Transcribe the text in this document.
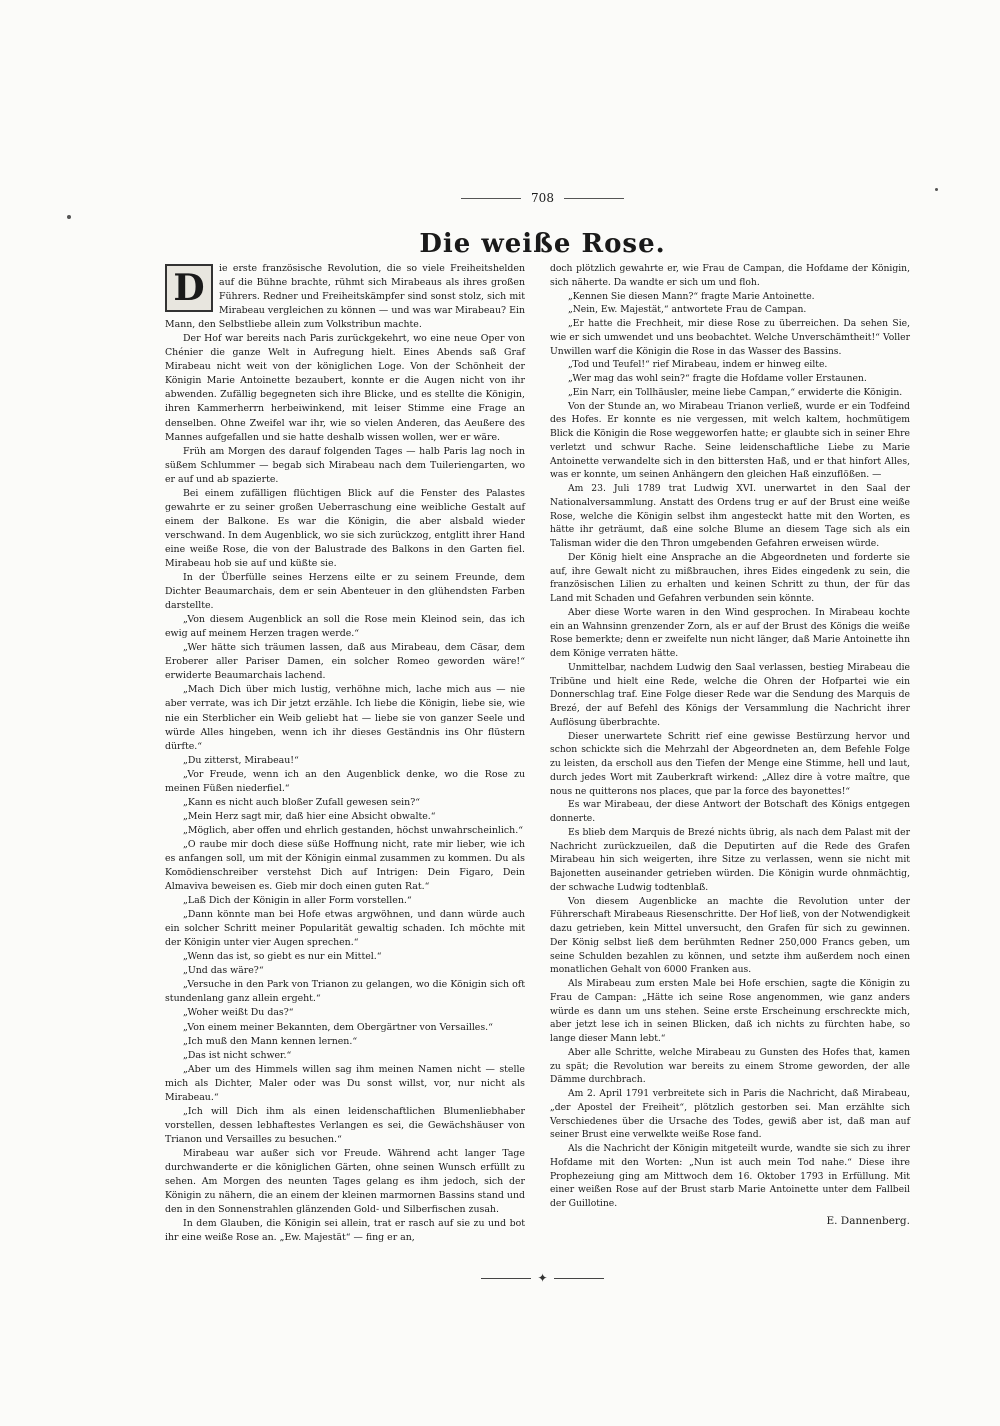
708
Die weiße Rose.

D	ie erste französische Revolution, die so viele Freiheitshelden auf die Bühne brachte, rühmt sich Mirabeaus als ihres großen Führers. Redner und Freiheitskämpfer sind sonst stolz, sich mit Mirabeau vergleichen zu können — und was war Mirabeau? Ein Mann, den Selbstliebe allein zum Volkstribun machte.

Der Hof war bereits nach Paris zurückgekehrt, wo eine neue Oper von Chénier die ganze Welt in Aufregung hielt. Eines Abends saß Graf Mirabeau nicht weit von der königlichen Loge. Von der Schönheit der Königin Marie Antoinette bezaubert, konnte er die Augen nicht von ihr abwenden. Zufällig begegneten sich ihre Blicke, und es stellte die Königin, ihren Kammerherrn herbeiwinkend, mit leiser Stimme eine Frage an denselben. Ohne Zweifel war ihr, wie so vielen Anderen, das Aeußere des Mannes aufgefallen und sie hatte deshalb wissen wollen, wer er wäre.

Früh am Morgen des darauf folgenden Tages — halb Paris lag noch in süßem Schlummer — begab sich Mirabeau nach dem Tuileriengarten, wo er auf und ab spazierte.

Bei einem zufälligen flüchtigen Blick auf die Fenster des Palastes gewahrte er zu seiner großen Ueberraschung eine weibliche Gestalt auf einem der Balkone. Es war die Königin, die aber alsbald wieder verschwand. In dem Augenblick, wo sie sich zurückzog, entglitt ihrer Hand eine weiße Rose, die von der Balustrade des Balkons in den Garten fiel. Mirabeau hob sie auf und küßte sie.

In der Überfülle seines Herzens eilte er zu seinem Freunde, dem Dichter Beaumarchais, dem er sein Abenteuer in den glühendsten Farben darstellte.

„Von diesem Augenblick an soll die Rose mein Kleinod sein, das ich ewig auf meinem Herzen tragen werde.“

„Wer hätte sich träumen lassen, daß aus Mirabeau, dem Cäsar, dem Eroberer aller Pariser Damen, ein solcher Romeo geworden wäre!“ erwiderte Beaumarchais lachend.

„Mach Dich über mich lustig, verhöhne mich, lache mich aus — nie aber verrate, was ich Dir jetzt erzähle. Ich liebe die Königin, liebe sie, wie nie ein Sterblicher ein Weib geliebt hat — liebe sie von ganzer Seele und würde Alles hingeben, wenn ich ihr dieses Geständnis ins Ohr flüstern dürfte.“

„Du zitterst, Mirabeau!“

„Vor Freude, wenn ich an den Augenblick denke, wo die Rose zu meinen Füßen niederfiel.“

„Kann es nicht auch bloßer Zufall gewesen sein?“

„Mein Herz sagt mir, daß hier eine Absicht obwalte.“

„Möglich, aber offen und ehrlich gestanden, höchst unwahrscheinlich.“

„O raube mir doch diese süße Hoffnung nicht, rate mir lieber, wie ich es anfangen soll, um mit der Königin einmal zusammen zu kommen. Du als Komödienschreiber verstehst Dich auf Intrigen: Dein Figaro, Dein Almaviva beweisen es. Gieb mir doch einen guten Rat.“

„Laß Dich der Königin in aller Form vorstellen.“

„Dann könnte man bei Hofe etwas argwöhnen, und dann würde auch ein solcher Schritt meiner Popularität gewaltig schaden. Ich möchte mit der Königin unter vier Augen sprechen.“

„Wenn das ist, so giebt es nur ein Mittel.“

„Und das wäre?“

„Versuche in den Park von Trianon zu gelangen, wo die Königin sich oft stundenlang ganz allein ergeht.“

„Woher weißt Du das?“

„Von einem meiner Bekannten, dem Obergärtner von Versailles.“

„Ich muß den Mann kennen lernen.“

„Das ist nicht schwer.“

„Aber um des Himmels willen sag ihm meinen Namen nicht — stelle mich als Dichter, Maler oder was Du sonst willst, vor, nur nicht als Mirabeau.“

„Ich will Dich ihm als einen leidenschaftlichen Blumenliebhaber vorstellen, dessen lebhaftestes Verlangen es sei, die Gewächshäuser von Trianon und Versailles zu besuchen.“

Mirabeau war außer sich vor Freude. Während acht langer Tage durchwanderte er die königlichen Gärten, ohne seinen Wunsch erfüllt zu sehen. Am Morgen des neunten Tages gelang es ihm jedoch, sich der Königin zu nähern, die an einem der kleinen marmornen Bassins stand und den in den Sonnenstrahlen glänzenden Gold- und Silberfischen zusah.

In dem Glauben, die Königin sei allein, trat er rasch auf sie zu und bot ihr eine weiße Rose an. „Ew. Majestät“ — fing er an,

doch plötzlich gewahrte er, wie Frau de Campan, die Hofdame der Königin, sich näherte. Da wandte er sich um und floh.

„Kennen Sie diesen Mann?“ fragte Marie Antoinette.

„Nein, Ew. Majestät,“ antwortete Frau de Campan.

„Er hatte die Frechheit, mir diese Rose zu überreichen. Da sehen Sie, wie er sich umwendet und uns beobachtet. Welche Unverschämtheit!“ Voller Unwillen warf die Königin die Rose in das Wasser des Bassins.

„Tod und Teufel!“ rief Mirabeau, indem er hinweg eilte.

„Wer mag das wohl sein?“ fragte die Hofdame voller Erstaunen.

„Ein Narr, ein Tollhäusler, meine liebe Campan,“ erwiderte die Königin.

Von der Stunde an, wo Mirabeau Trianon verließ, wurde er ein Todfeind des Hofes. Er konnte es nie vergessen, mit welch kaltem, hochmütigem Blick die Königin die Rose weggeworfen hatte; er glaubte sich in seiner Ehre verletzt und schwur Rache. Seine leidenschaftliche Liebe zu Marie Antoinette verwandelte sich in den bittersten Haß, und er that hinfort Alles, was er konnte, um seinen Anhängern den gleichen Haß einzuflößen. —

Am 23. Juli 1789 trat Ludwig XVI. unerwartet in den Saal der Nationalversammlung. Anstatt des Ordens trug er auf der Brust eine weiße Rose, welche die Königin selbst ihm angesteckt hatte mit den Worten, es hätte ihr geträumt, daß eine solche Blume an diesem Tage sich als ein Talisman wider die den Thron umgebenden Gefahren erweisen würde.

Der König hielt eine Ansprache an die Abgeordneten und forderte sie auf, ihre Gewalt nicht zu mißbrauchen, ihres Eides eingedenk zu sein, die französischen Lilien zu erhalten und keinen Schritt zu thun, der für das Land mit Schaden und Gefahren verbunden sein könnte.

Aber diese Worte waren in den Wind gesprochen. In Mirabeau kochte ein an Wahnsinn grenzender Zorn, als er auf der Brust des Königs die weiße Rose bemerkte; denn er zweifelte nun nicht länger, daß Marie Antoinette ihn dem Könige verraten hätte.

Unmittelbar, nachdem Ludwig den Saal verlassen, bestieg Mirabeau die Tribüne und hielt eine Rede, welche die Ohren der Hofpartei wie ein Donnerschlag traf. Eine Folge dieser Rede war die Sendung des Marquis de Brezé, der auf Befehl des Königs der Versammlung die Nachricht ihrer Auflösung überbrachte.

Dieser unerwartete Schritt rief eine gewisse Bestürzung hervor und schon schickte sich die Mehrzahl der Abgeordneten an, dem Befehle Folge zu leisten, da erscholl aus den Tiefen der Menge eine Stimme, hell und laut, durch jedes Wort mit Zauberkraft wirkend: „Allez dire à votre maître, que nous ne quitterons nos places, que par la force des bayonettes!“

Es war Mirabeau, der diese Antwort der Botschaft des Königs entgegen donnerte.

Es blieb dem Marquis de Brezé nichts übrig, als nach dem Palast mit der Nachricht zurückzueilen, daß die Deputirten auf die Rede des Grafen Mirabeau hin sich weigerten, ihre Sitze zu verlassen, wenn sie nicht mit Bajonetten auseinander getrieben würden. Die Königin wurde ohnmächtig, der schwache Ludwig todtenblaß.

Von diesem Augenblicke an machte die Revolution unter der Führerschaft Mirabeaus Riesenschritte. Der Hof ließ, von der Notwendigkeit dazu getrieben, kein Mittel unversucht, den Grafen für sich zu gewinnen. Der König selbst ließ dem berühmten Redner 250,000 Francs geben, um seine Schulden bezahlen zu können, und setzte ihm außerdem noch einen monatlichen Gehalt von 6000 Franken aus.

Als Mirabeau zum ersten Male bei Hofe erschien, sagte die Königin zu Frau de Campan: „Hätte ich seine Rose angenommen, wie ganz anders würde es dann um uns stehen. Seine erste Erscheinung erschreckte mich, aber jetzt lese ich in seinen Blicken, daß ich nichts zu fürchten habe, so lange dieser Mann lebt.“

Aber alle Schritte, welche Mirabeau zu Gunsten des Hofes that, kamen zu spät; die Revolution war bereits zu einem Strome geworden, der alle Dämme durchbrach.

Am 2. April 1791 verbreitete sich in Paris die Nachricht, daß Mirabeau, „der Apostel der Freiheit“, plötzlich gestorben sei. Man erzählte sich Verschiedenes über die Ursache des Todes, gewiß aber ist, daß man auf seiner Brust eine verwelkte weiße Rose fand.

Als die Nachricht der Königin mitgeteilt wurde, wandte sie sich zu ihrer Hofdame mit den Worten: „Nun ist auch mein Tod nahe.“ Diese ihre Prophezeiung ging am Mittwoch dem 16. Oktober 1793 in Erfüllung. Mit einer weißen Rose auf der Brust starb Marie Antoinette unter dem Fallbeil der Guillotine.

E. Dannenberg.

✦
